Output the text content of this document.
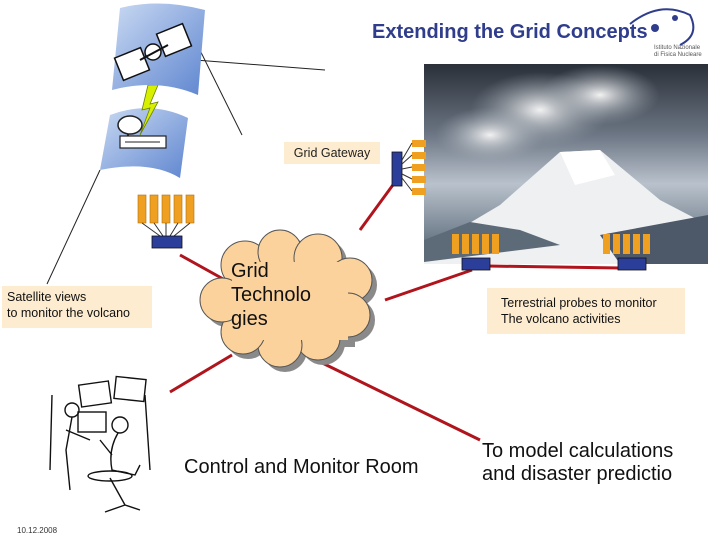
Extending the Grid Concepts
Istituto Nazionale
di Fisica Nucleare
Grid Gateway
Satellite views
to monitor the volcano
Grid
Technolo
gies
Terrestrial probes to monitor
The volcano activities
Control and Monitor Room
To model calculations
and disaster predictio
10.12.2008
